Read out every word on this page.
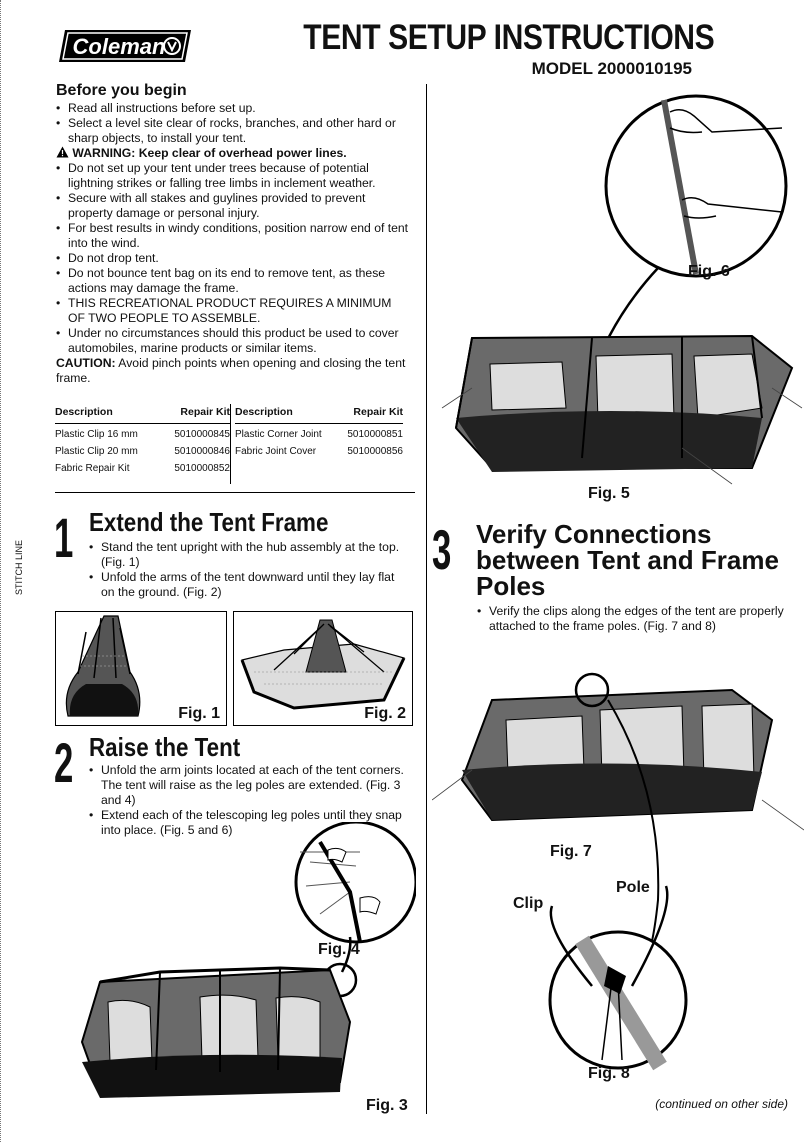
STITCH LINE
Coleman	TENT SETUP INSTRUCTIONS
MODEL 2000010195
Before you begin
• Read all instructions before set up.
• Select a level site clear of rocks, branches, and other hard or sharp objects, to install your tent.
WARNING: Keep clear of overhead power lines.
• Do not set up your tent under trees because of potential lightning strikes or falling tree limbs in inclement weather.
• Secure with all stakes and guylines provided to prevent property damage or personal injury.
• For best results in windy conditions, position narrow end of tent into the wind.
• Do not drop tent.
• Do not bounce tent bag on its end to remove tent, as these actions may damage the frame.
• THIS RECREATIONAL PRODUCT REQUIRES A MINIMUM OF TWO PEOPLE TO ASSEMBLE.
• Under no circumstances should this product be used to cover automobiles, marine products or similar items.
CAUTION: Avoid pinch points when opening and closing the tent frame.
Description	Repair Kit
Plastic Clip 16 mm	5010000845
Plastic Clip 20 mm	5010000846
Fabric Repair Kit	5010000852
Description	Repair Kit
Plastic Corner Joint	5010000851
Fabric Joint Cover	5010000856
1 Extend the Tent Frame
• Stand the tent upright with the hub assembly at the top. (Fig. 1)
• Unfold the arms of the tent downward until they lay flat on the ground. (Fig. 2)
Fig. 1	Fig. 2
2 Raise the Tent
• Unfold the arm joints located at each of the tent corners. The tent will raise as the leg poles are extended. (Fig. 3 and 4)
• Extend each of the telescoping leg poles until they snap into place. (Fig. 5 and 6)
Fig. 4
Fig. 3
Fig. 6
Fig. 5
3 Verify Connections between Tent and Frame Poles
• Verify the clips along the edges of the tent are properly attached to the frame poles. (Fig. 7 and 8)
Fig. 7
Clip
Pole
Fig. 8
(continued on other side)
